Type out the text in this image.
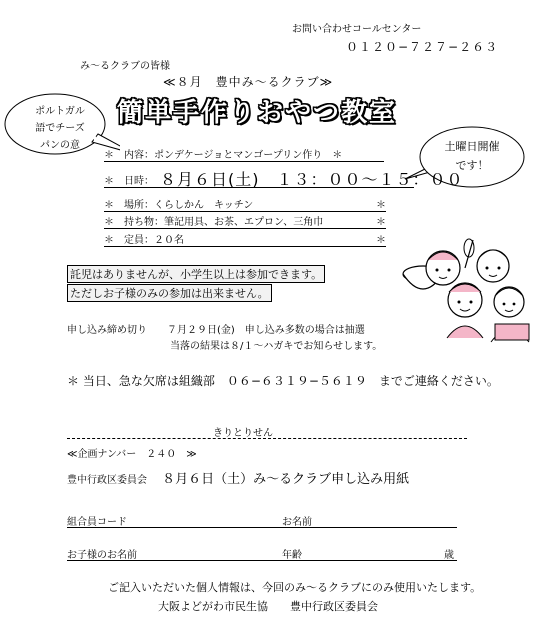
お問い合わせコールセンター
０１２０−７２７−２６３
み〜るクラブの皆様
≪８月　豊中み〜るクラブ≫
簡単手作りおやつ教室
ポルトガル
語でチーズ
パンの意	土曜日開催
です！
＊　内容：ポンデケージョとマンゴープリン作り　＊
＊　日時： ８月６日(土)　１３：００〜１５：００
＊　場所：くらしかん　キッチン	＊
＊　持ち物：筆記用具、お茶、エプロン、三角巾	＊
＊　定員：２０名	＊
託児はありませんが、小学生以上は参加できます。
ただしお子様のみの参加は出来ません。
申し込み締め切り　　７月２９日(金)　申し込み多数の場合は抽選
当落の結果は８/１〜ハガキでお知らせします。
＊ 当日、急な欠席は組織部　０６−６３１９−５６１９　までご連絡ください。
きりとりせん
≪企画ナンバー　２４０　≫
豊中行政区委員会 ８月６日（土）み〜るクラブ申し込み用紙
組合員コード	お名前
お子様のお名前	年齢	歳
ご記入いただいた個人情報は、今回のみ〜るクラブにのみ使用いたします。
大阪よどがわ市民生協　　豊中行政区委員会
